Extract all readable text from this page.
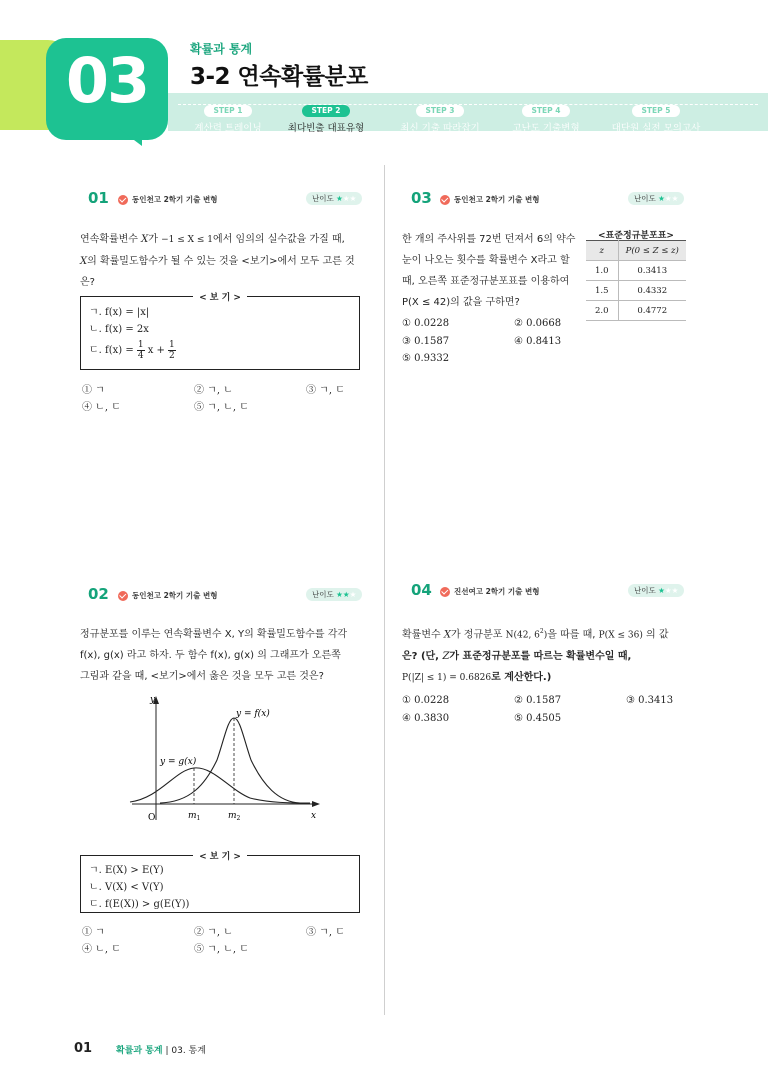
03	확률과 통계
3-2 연속확률분포
STEP 1
계산력 트레이닝
STEP 2
최다빈출 대표유형
STEP 3
최신 기출 따라잡기
STEP 4
고난도 기출변형
STEP 5
대단원 실전 모의고사
01	동인천고 2학기 기출 변형	난이도 ★★★
연속확률변수 X가 −1 ≤ X ≤ 1에서 임의의 실수값을 가질 때,
X의 확률밀도함수가 될 수 있는 것을 <보기>에서 모두 고른 것
은?
< 보 기 >
ㄱ. f(x) = |x|
ㄴ. f(x) = 2x
ㄷ. f(x) = 1
4 x + 1
2
① ㄱ	② ㄱ, ㄴ	③ ㄱ, ㄷ
④ ㄴ, ㄷ	⑤ ㄱ, ㄴ, ㄷ
03	동인천고 2학기 기출 변형	난이도 ★★★
한 개의 주사위를 72번 던져서 6의 약수
눈이 나오는 횟수를 확률변수 X라고 할
때, 오른쪽 표준정규분포표를 이용하여
P(X ≤ 42)의 값을 구하면?
<표준정규분포표>
z	P(0 ≤ Z ≤ z)
1.0	0.3413
1.5	0.4332
2.0	0.4772
① 0.0228	② 0.0668
③ 0.1587	④ 0.8413
⑤ 0.9332
02	동인천고 2학기 기출 변형	난이도 ★★★
정규분포를 이루는 연속확률변수 X, Y의 확률밀도함수를 각각
f(x), g(x) 라고 하자. 두 함수 f(x), g(x) 의 그래프가 오른쪽
그림과 같을 때, <보기>에서 옳은 것을 모두 고른 것은?
y
x
O
y = f(x)
y = g(x)
$m_1$	$m_2$
< 보 기 >
ㄱ. E(X) > E(Y)
ㄴ. V(X) < V(Y)
ㄷ. f(E(X)) > g(E(Y))
① ㄱ	② ㄱ, ㄴ	③ ㄱ, ㄷ
④ ㄴ, ㄷ	⑤ ㄱ, ㄴ, ㄷ
04	진선여고 2학기 기출 변형	난이도 ★★★
확률변수 X가 정규분포 N(42, $6^2$)을 따를 때, P(X ≤ 36) 의 값
은? (단, Z가 표준정규분포를 따르는 확률변수일 때,
P(|Z| ≤ 1) = 0.6826로 계산한다.)
① 0.0228	② 0.1587	③ 0.3413
④ 0.3830	⑤ 0.4505
01	확률과 통계 | 03. 통계
